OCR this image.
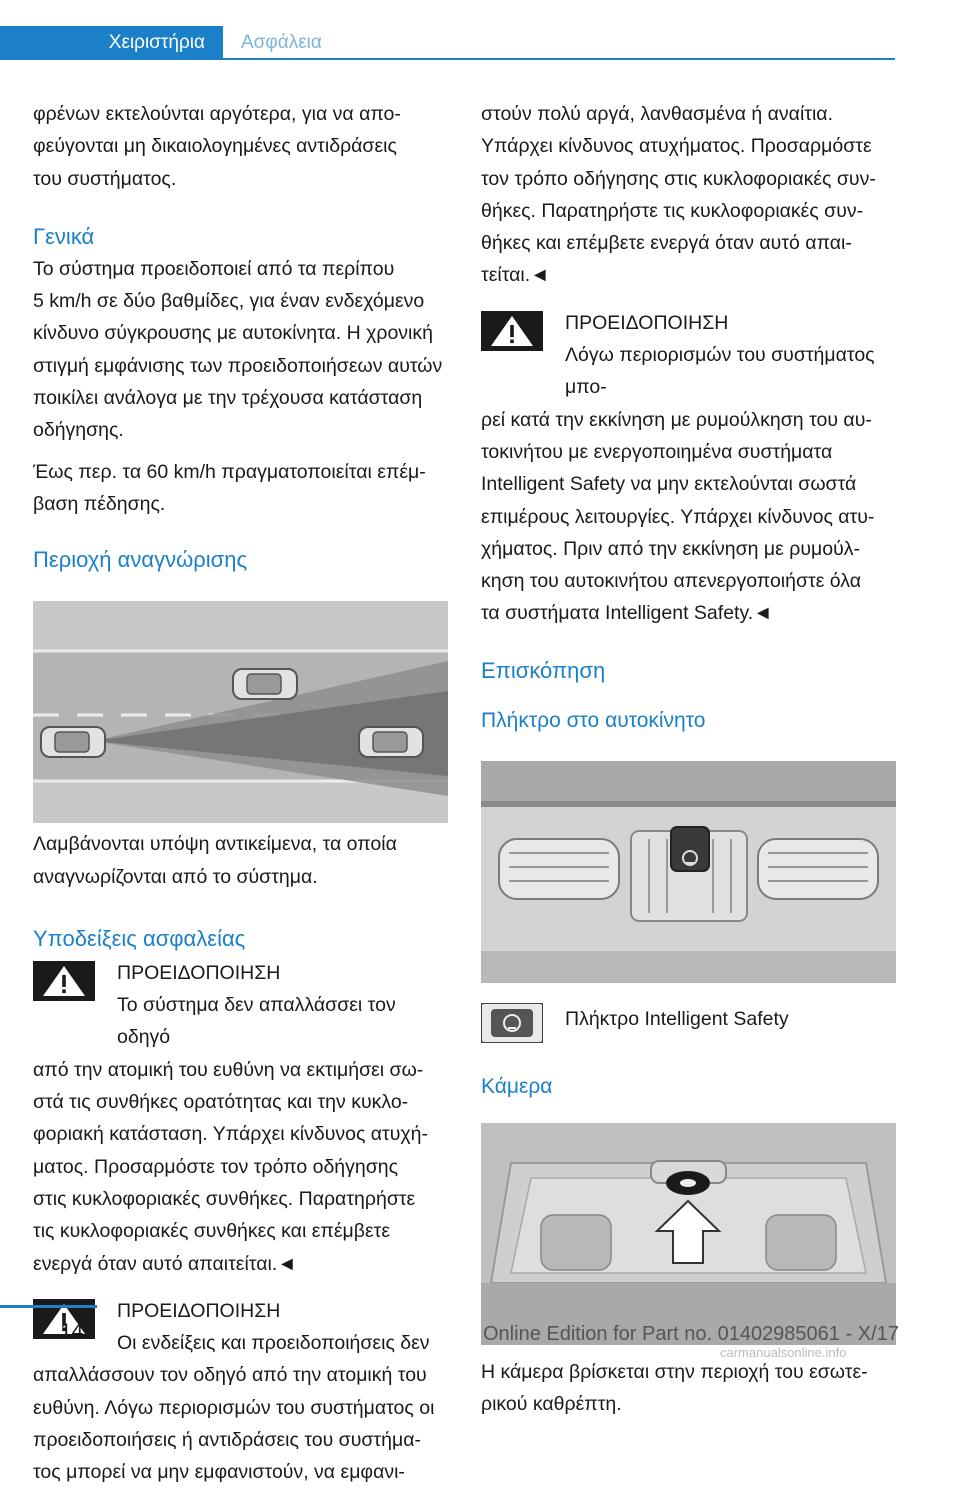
Χειριστήρια Ασφάλεια

φρένων εκτελούνται αργότερα, για να απο-
φεύγονται μη δικαιολογημένες αντιδράσεις
του συστήματος.

Γενικά

Το σύστημα προειδοποιεί από τα περίπου
5 km/h σε δύο βαθμίδες, για έναν ενδεχόμενο
κίνδυνο σύγκρουσης με αυτοκίνητα. Η χρονική
στιγμή εμφάνισης των προειδοποιήσεων αυτών
ποικίλει ανάλογα με την τρέχουσα κατάσταση
οδήγησης.

Έως περ. τα 60 km/h πραγματοποιείται επέμ-
βαση πέδησης.

Περιοχή αναγνώρισης

Λαμβάνονται υπόψη αντικείμενα, τα οποία
αναγνωρίζονται από το σύστημα.

Υποδείξεις ασφαλείας

ΠΡΟΕΙΔΟΠΟΙΗΣΗ

Το σύστημα δεν απαλλάσσει τον οδηγό

από την ατομική του ευθύνη να εκτιμήσει σω-
στά τις συνθήκες ορατότητας και την κυκλο-
φοριακή κατάσταση. Υπάρχει κίνδυνος ατυχή-
ματος. Προσαρμόστε τον τρόπο οδήγησης
στις κυκλοφοριακές συνθήκες. Παρατηρήστε
τις κυκλοφοριακές συνθήκες και επέμβετε
ενεργά όταν αυτό απαιτείται.◄

ΠΡΟΕΙΔΟΠΟΙΗΣΗ

Οι ενδείξεις και προειδοποιήσεις δεν

απαλλάσσουν τον οδηγό από την ατομική του
ευθύνη. Λόγω περιορισμών του συστήματος οι
προειδοποιήσεις ή αντιδράσεις του συστήμα-
τος μπορεί να μην εμφανιστούν, να εμφανι-

στούν πολύ αργά, λανθασμένα ή αναίτια.
Υπάρχει κίνδυνος ατυχήματος. Προσαρμόστε
τον τρόπο οδήγησης στις κυκλοφοριακές συν-
θήκες. Παρατηρήστε τις κυκλοφοριακές συν-
θήκες και επέμβετε ενεργά όταν αυτό απαι-
τείται.◄

ΠΡΟΕΙΔΟΠΟΙΗΣΗ

Λόγω περιορισμών του συστήματος μπο-

ρεί κατά την εκκίνηση με ρυμούλκηση του αυ-
τοκινήτου με ενεργοποιημένα συστήματα
Intelligent Safety να μην εκτελούνται σωστά
επιμέρους λειτουργίες. Υπάρχει κίνδυνος ατυ-
χήματος. Πριν από την εκκίνηση με ρυμούλ-
κηση του αυτοκινήτου απενεργοποιήστε όλα
τα συστήματα Intelligent Safety.◄

Επισκόπηση
Πλήκτρο στο αυτοκίνητο

Πλήκτρο Intelligent Safety

Κάμερα

Η κάμερα βρίσκεται στην περιοχή του εσωτε-
ρικού καθρέπτη.

142	Online Edition for Part no. 01402985061 - X/17
carmanualsonline.info
